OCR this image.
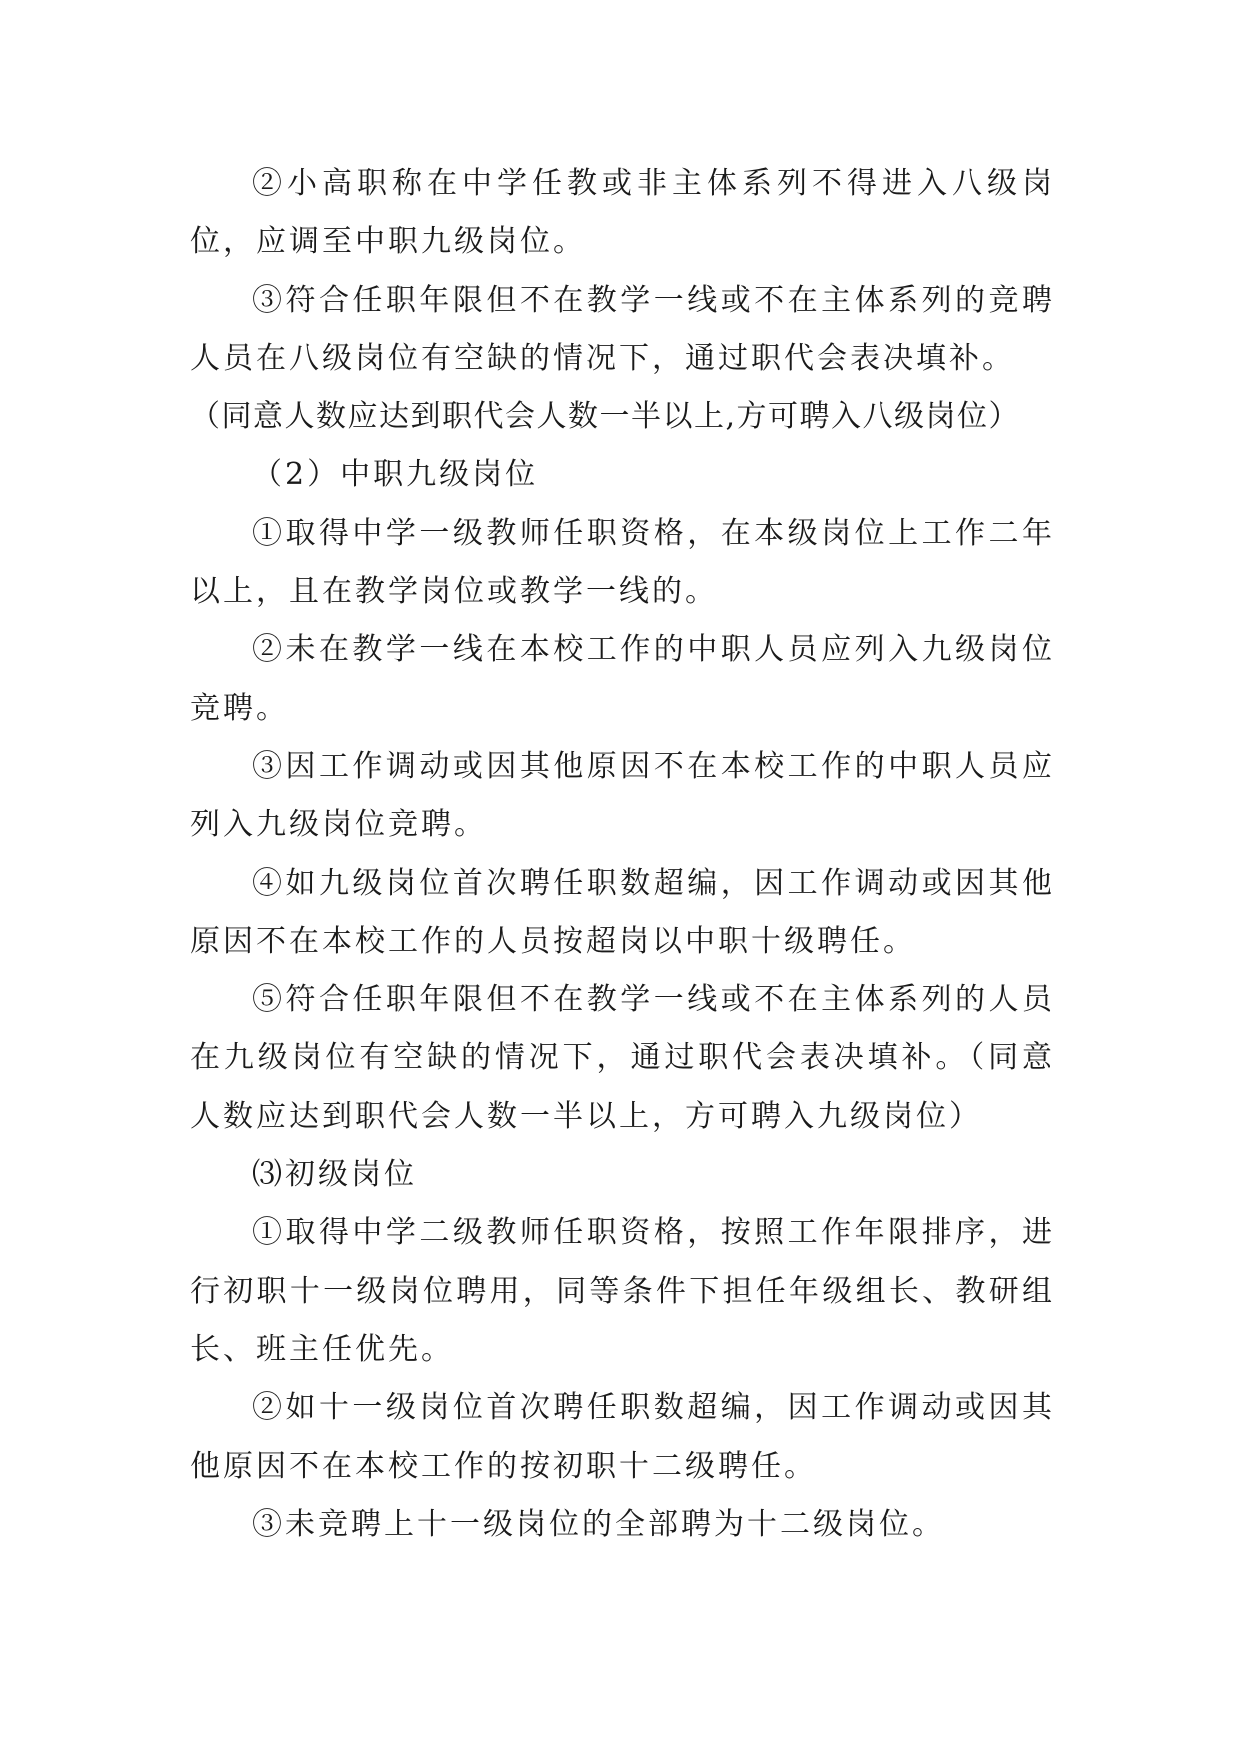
②小高职称在中学任教或非主体系列不得进入八级岗位，应调至中职九级岗位。

③符合任职年限但不在教学一线或不在主体系列的竞聘人员在八级岗位有空缺的情况下，通过职代会表决填补。

（同意人数应达到职代会人数一半以上,方可聘入八级岗位）

（2）中职九级岗位

①取得中学一级教师任职资格，在本级岗位上工作二年以上，且在教学岗位或教学一线的。

②未在教学一线在本校工作的中职人员应列入九级岗位竞聘。

③因工作调动或因其他原因不在本校工作的中职人员应列入九级岗位竞聘。

④如九级岗位首次聘任职数超编，因工作调动或因其他原因不在本校工作的人员按超岗以中职十级聘任。

⑤符合任职年限但不在教学一线或不在主体系列的人员在九级岗位有空缺的情况下，通过职代会表决填补。（同意人数应达到职代会人数一半以上，方可聘入九级岗位）

⑶初级岗位

①取得中学二级教师任职资格，按照工作年限排序，进行初职十一级岗位聘用，同等条件下担任年级组长、教研组长、班主任优先。

②如十一级岗位首次聘任职数超编，因工作调动或因其他原因不在本校工作的按初职十二级聘任。

③未竞聘上十一级岗位的全部聘为十二级岗位。
